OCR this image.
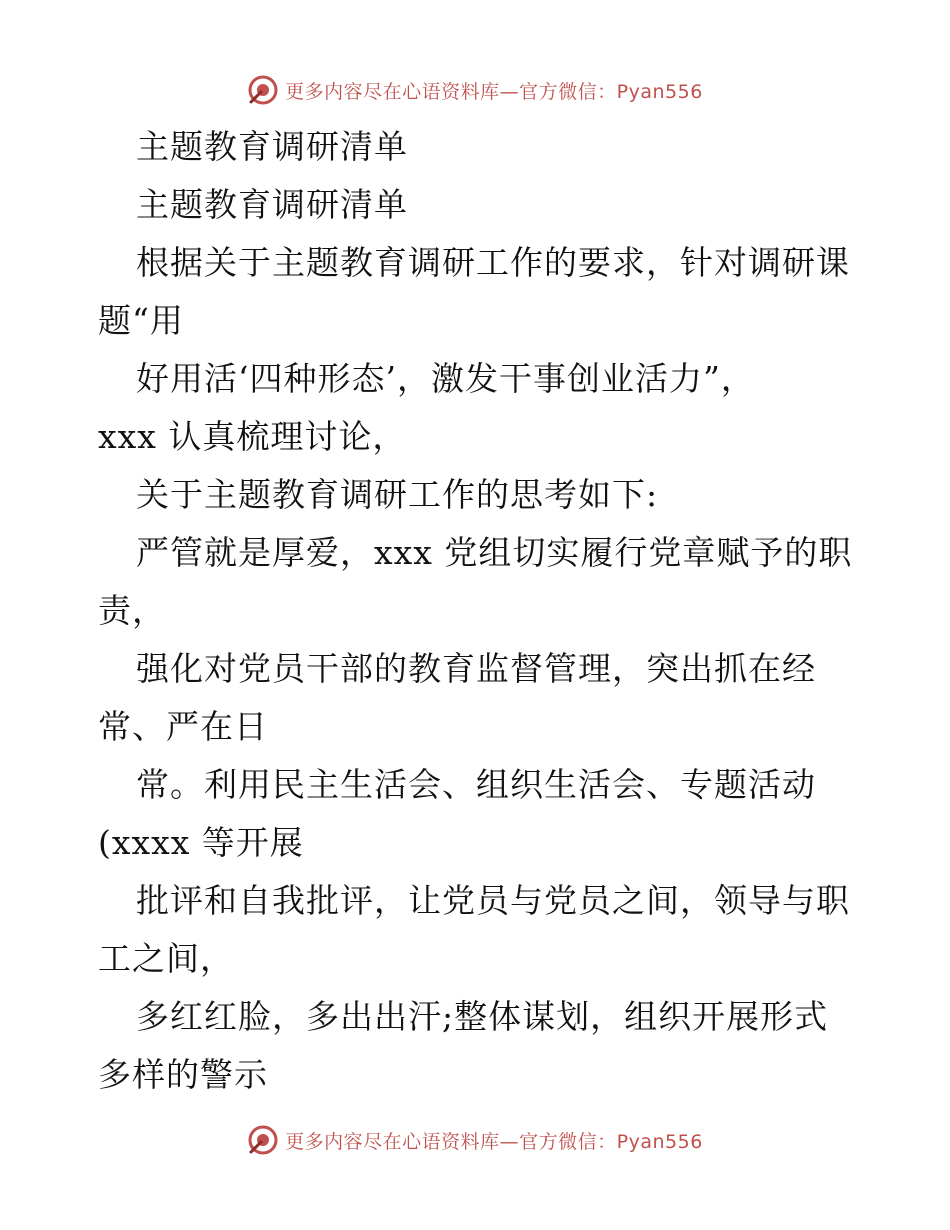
更多内容尽在心语资料库—官方微信：Pyan556
主题教育调研清单
主题教育调研清单
根据关于主题教育调研工作的要求，针对调研课
题“用
好用活‘四种形态’，激发干事创业活力”，
xxx 认真梳理讨论，
关于主题教育调研工作的思考如下:
严管就是厚爱，xxx 党组切实履行党章赋予的职
责，
强化对党员干部的教育监督管理，突出抓在经
常、严在日
常。利用民主生活会、组织生活会、专题活动
(xxxx 等开展
批评和自我批评，让党员与党员之间，领导与职
工之间，
多红红脸，多出出汗;整体谋划，组织开展形式
多样的警示
更多内容尽在心语资料库—官方微信：Pyan556
